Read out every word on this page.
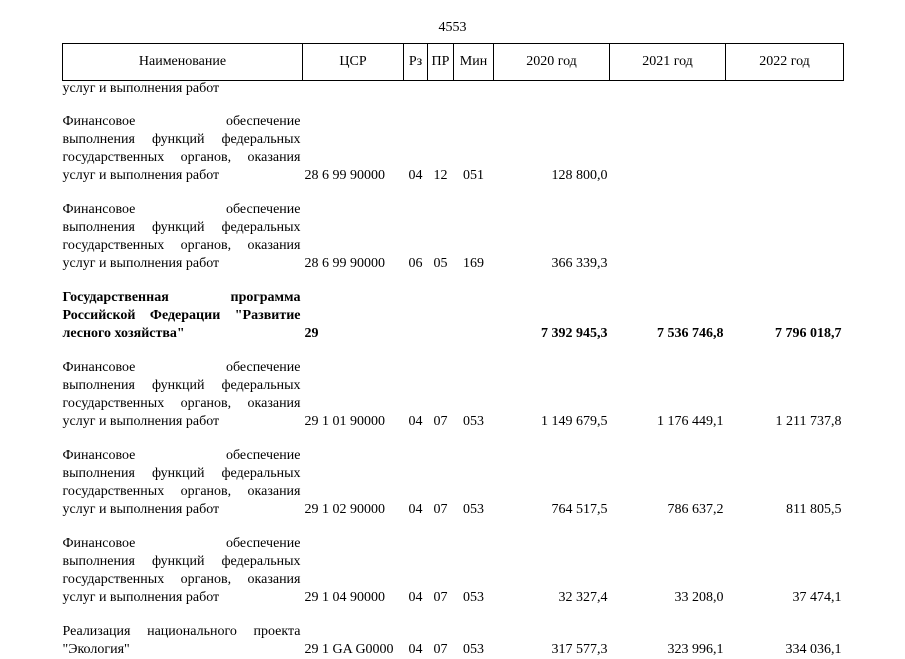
4553
Наименование	ЦСР	Рз	ПР	Мин	2020 год	2021 год	2022 год
услуг и выполнения работ							

Финансовое обеспечение
выполнения функций федеральных
государственных органов, оказания
услуг и выполнения работ	28 6 99 90000	04	12	051	128 800,0		

Финансовое обеспечение
выполнения функций федеральных
государственных органов, оказания
услуг и выполнения работ	28 6 99 90000	06	05	169	366 339,3		

Государственная программа
Российской Федерации "Развитие
лесного хозяйства"	29				7 392 945,3	7 536 746,8	7 796 018,7

Финансовое обеспечение
выполнения функций федеральных
государственных органов, оказания
услуг и выполнения работ	29 1 01 90000	04	07	053	1 149 679,5	1 176 449,1	1 211 737,8

Финансовое обеспечение
выполнения функций федеральных
государственных органов, оказания
услуг и выполнения работ	29 1 02 90000	04	07	053	764 517,5	786 637,2	811 805,5

Финансовое обеспечение
выполнения функций федеральных
государственных органов, оказания
услуг и выполнения работ	29 1 04 90000	04	07	053	32 327,4	33 208,0	37 474,1

Реализация национального проекта
"Экология"	29 1 GA G0000	04	07	053	317 577,3	323 996,1	334 036,1
